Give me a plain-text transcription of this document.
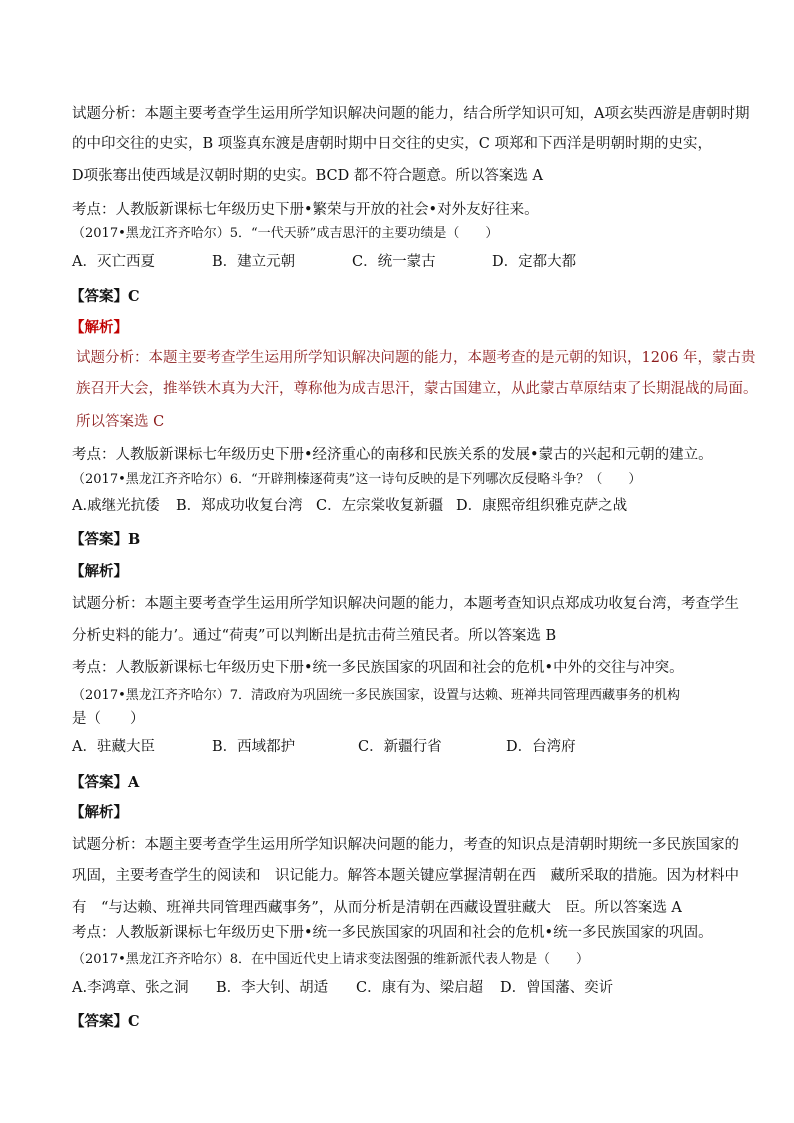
试题分析：本题主要考查学生运用所学知识解决问题的能力，结合所学知识可知，A项玄奘西游是唐朝时期
的中印交往的史实，B 项鉴真东渡是唐朝时期中日交往的史实，C 项郑和下西洋是明朝时期的史实，
D项张骞出使西域是汉朝时期的史实。BCD 都不符合题意。所以答案选 A
考点：人教版新课标七年级历史下册•繁荣与开放的社会•对外友好往来。
（2017•黑龙江齐齐哈尔）5．“一代天骄”成吉思汗的主要功绩是（　　）
A．灭亡西夏	B．建立元朝	C．统一蒙古	D．定都大都
【答案】C
【解析】
试题分析：本题主要考查学生运用所学知识解决问题的能力，本题考查的是元朝的知识，1206 年，蒙古贵
族召开大会，推举铁木真为大汗，尊称他为成吉思汗，蒙古国建立，从此蒙古草原结束了长期混战的局面。
所以答案选 C
考点：人教版新课标七年级历史下册•经济重心的南移和民族关系的发展•蒙古的兴起和元朝的建立。
（2017•黑龙江齐齐哈尔）6．“开辟荆榛逐荷夷”这一诗句反映的是下列哪次反侵略斗争？（　　）
A.戚继光抗倭 B．郑成功收复台湾 C．左宗棠收复新疆 D．康熙帝组织雅克萨之战
【答案】B
【解析】
试题分析：本题主要考查学生运用所学知识解决问题的能力，本题考查知识点郑成功收复台湾，考查学生
分析史料的能力’。通过“荷夷”可以判断出是抗击荷兰殖民者。所以答案选 B
考点：人教版新课标七年级历史下册•统一多民族国家的巩固和社会的危机•中外的交往与冲突。
（2017•黑龙江齐齐哈尔）7．清政府为巩固统一多民族国家，设置与达赖、班禅共同管理西藏事务的机构
是（　　）
A．驻藏大臣	B．西域都护	C．新疆行省	D．台湾府
【答案】A
【解析】
试题分析：本题主要考查学生运用所学知识解决问题的能力，考查的知识点是清朝时期统一多民族国家的
巩固，主要考查学生的阅读和　识记能力。解答本题关键应掌握清朝在西　藏所采取的措施。因为材料中
有　“与达赖、班禅共同管理西藏事务”，从而分析是清朝在西藏设置驻藏大　臣。所以答案选 A
考点：人教版新课标七年级历史下册•统一多民族国家的巩固和社会的危机•统一多民族国家的巩固。
（2017•黑龙江齐齐哈尔）8．在中国近代史上请求变法图强的维新派代表人物是（　　）
A.李鸿章、张之洞 B．李大钊、胡适 C．康有为、梁启超 D．曾国藩、奕䜣
【答案】C
